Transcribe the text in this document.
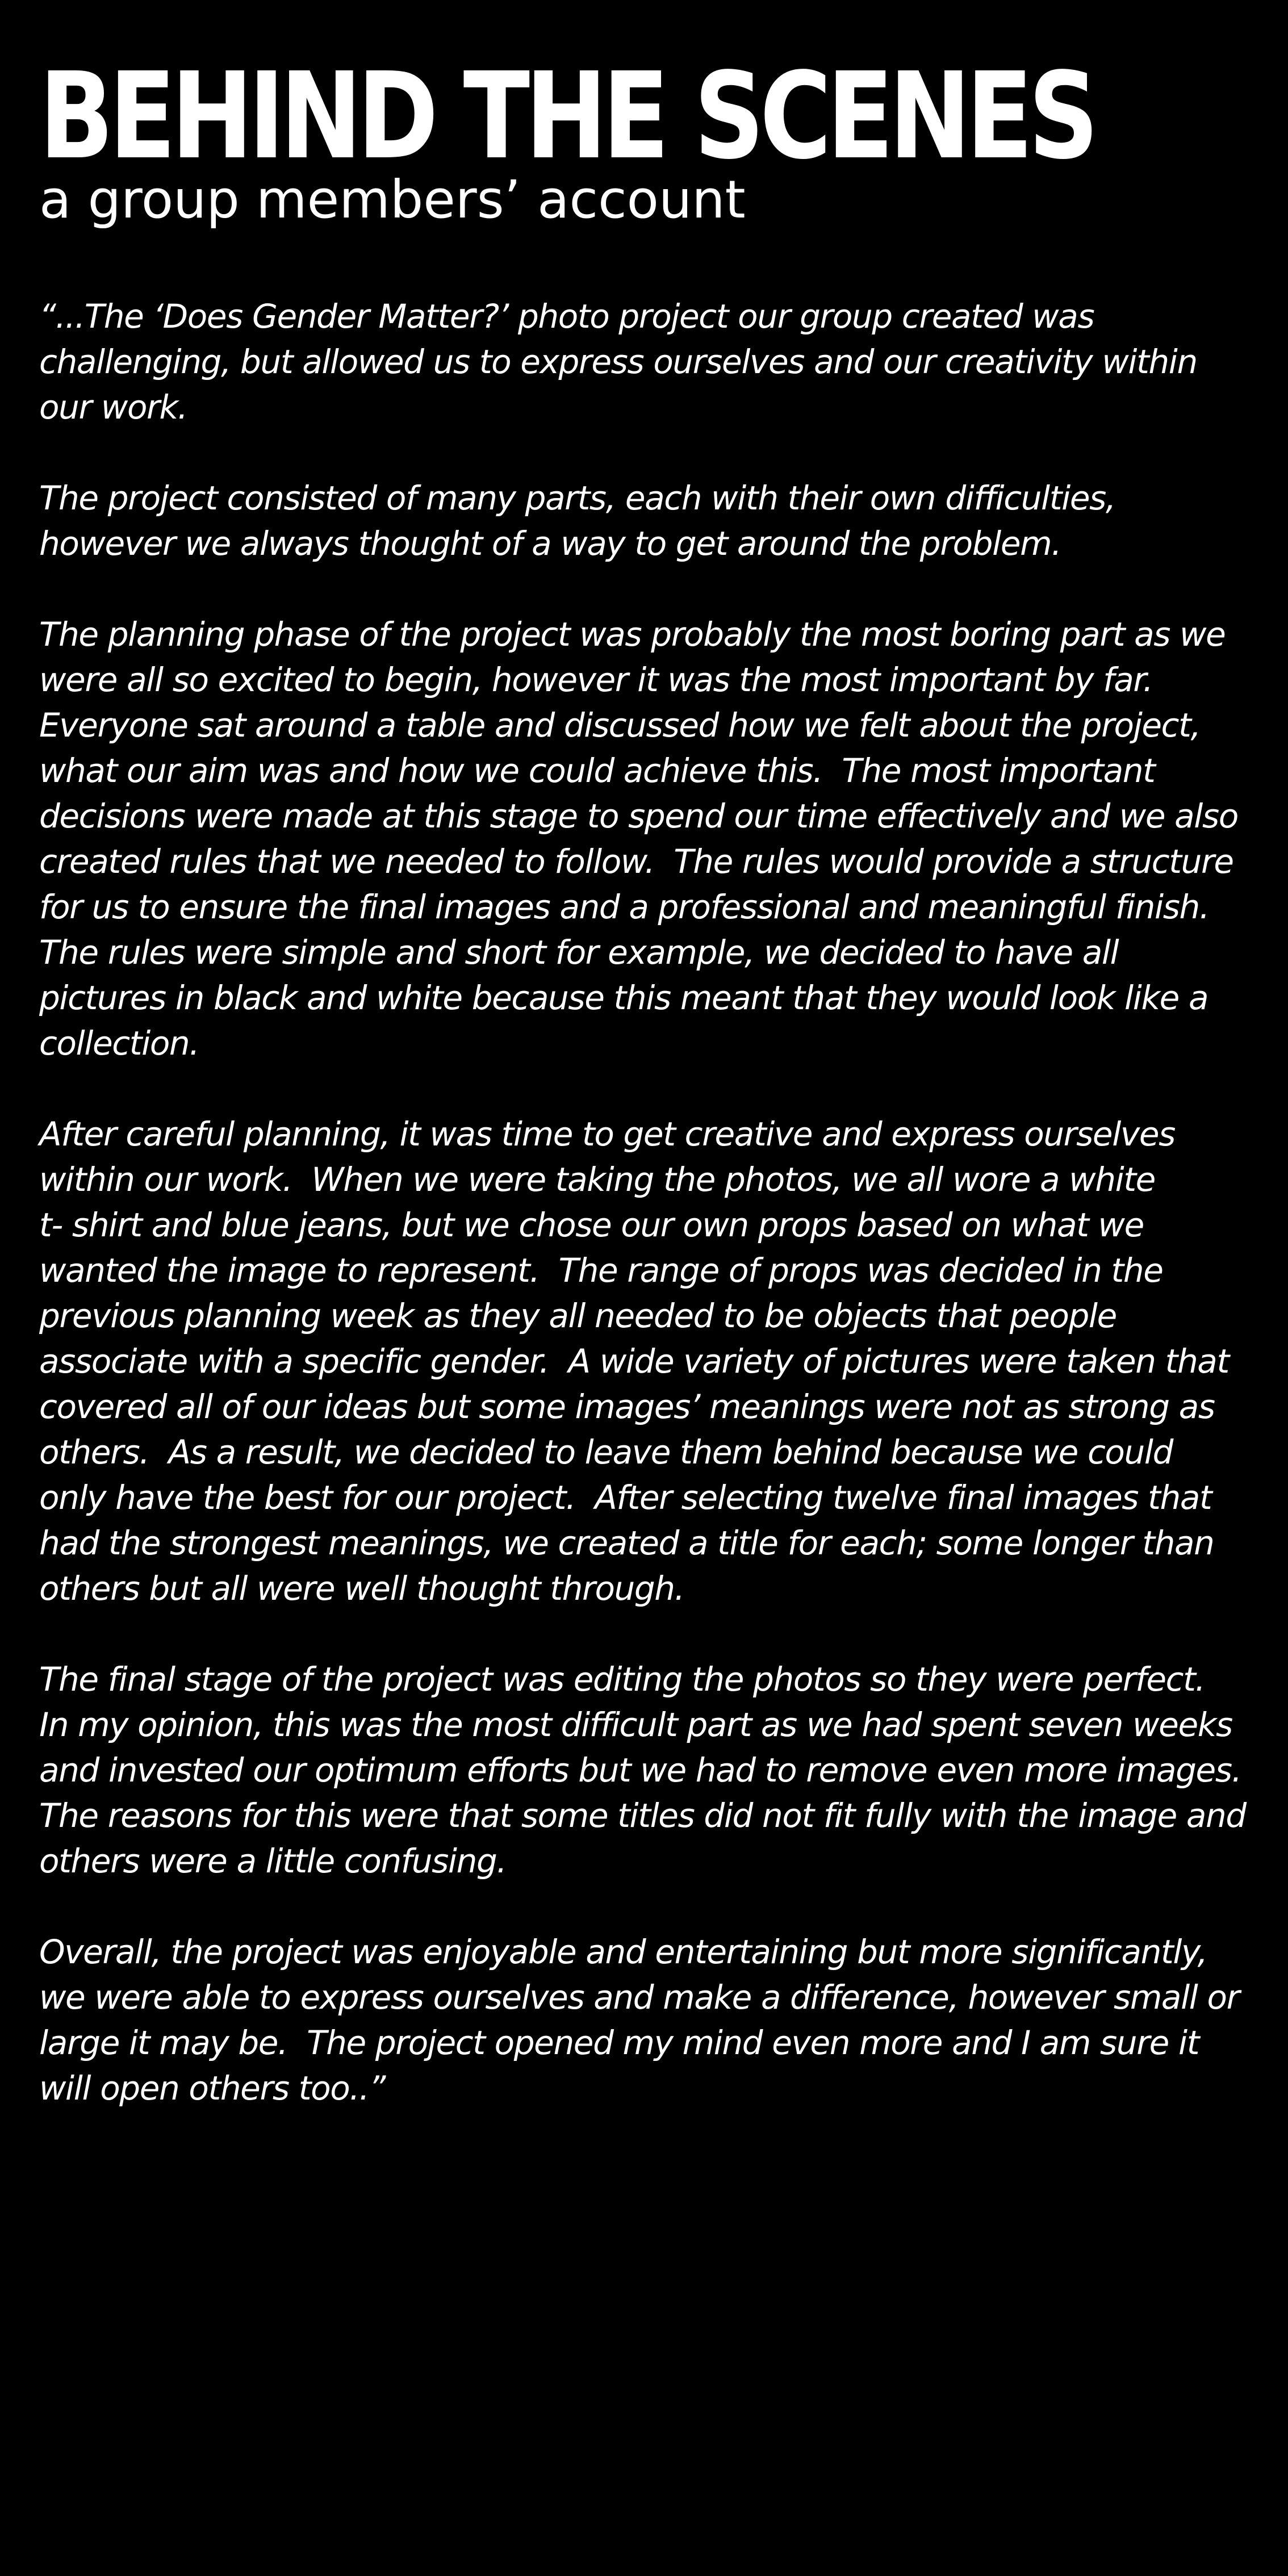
BEHIND THE SCENES
a group members’ account

“...The ‘Does Gender Matter?’ photo project our group created was
challenging, but allowed us to express ourselves and our creativity within
our work.

The project consisted of many parts, each with their own difficulties,
however we always thought of a way to get around the problem.

The planning phase of the project was probably the most boring part as we
were all so excited to begin, however it was the most important by far.
Everyone sat around a table and discussed how we felt about the project,
what our aim was and how we could achieve this.  The most important
decisions were made at this stage to spend our time effectively and we also
created rules that we needed to follow.  The rules would provide a structure
for us to ensure the final images and a professional and meaningful finish.
The rules were simple and short for example, we decided to have all
pictures in black and white because this meant that they would look like a
collection.

After careful planning, it was time to get creative and express ourselves
within our work.  When we were taking the photos, we all wore a white
t- shirt and blue jeans, but we chose our own props based on what we
wanted the image to represent.  The range of props was decided in the
previous planning week as they all needed to be objects that people
associate with a specific gender.  A wide variety of pictures were taken that
covered all of our ideas but some images’ meanings were not as strong as
others.  As a result, we decided to leave them behind because we could
only have the best for our project.  After selecting twelve final images that
had the strongest meanings, we created a title for each; some longer than
others but all were well thought through.

The final stage of the project was editing the photos so they were perfect.
In my opinion, this was the most difficult part as we had spent seven weeks
and invested our optimum efforts but we had to remove even more images.
The reasons for this were that some titles did not fit fully with the image and
others were a little confusing.

Overall, the project was enjoyable and entertaining but more significantly,
we were able to express ourselves and make a difference, however small or
large it may be.  The project opened my mind even more and I am sure it
will open others too..”
